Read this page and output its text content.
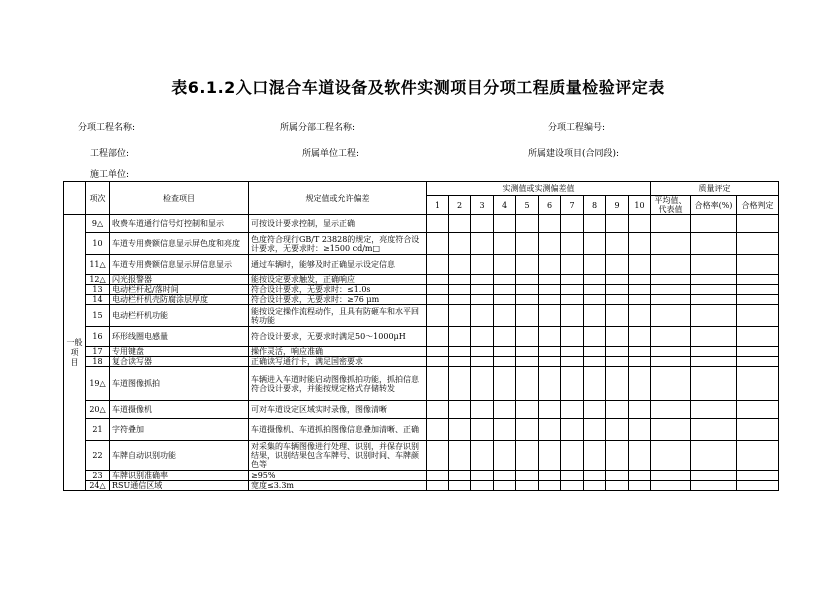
表6.1.2入口混合车道设备及软件实测项目分项工程质量检验评定表
分项工程名称:	所属分部工程名称:	分项工程编号:
工程部位:	所属单位工程:	所属建设项目(合同段):
施工单位:
	项次	检查项目	规定值或允许偏差	实测值或实测偏差值										质量评定		
				1	2	3	4	5	6	7	8	9	10	平均值、代表值	合格率(%)	合格判定

一般
项
目	9△	收费车道通行信号灯控制和显示	可按设计要求控制，显示正确													
	10	车道专用费额信息显示屏色度和亮度	色度符合现行GB/T 23828的规定，亮度符合设计要求，无要求时：≥1500 cd/m□													
	11△	车道专用费额信息显示屏信息显示	通过车辆时，能够及时正确显示设定信息													
	12△	闪光报警器	能按设定要求触发，正确响应													
	13	电动栏杆起/落时间	符合设计要求，无要求时：≤1.0s													
	14	电动栏杆机壳防腐涂层厚度	符合设计要求，无要求时：≥76 μm													
	15	电动栏杆机功能	能按设定操作流程动作，且具有防砸车和水平回转功能													
	16	环形线圈电感量	符合设计要求，无要求时满足50～1000μH													
	17	专用键盘	操作灵活，响应准确													
	18	复合读写器	正确读写通行卡，满足国密要求													
	19△	车道图像抓拍	车辆进入车道时能启动图像抓拍功能，抓拍信息符合设计要求，并能按规定格式存储转发													
	20△	车道摄像机	可对车道设定区域实时录像，图像清晰													
	21	字符叠加	车道摄像机、车道抓拍图像信息叠加清晰、正确													
	22	车牌自动识别功能	对采集的车辆图像进行处理、识别，并保存识别结果，识别结果包含车牌号、识别时间、车牌颜色等													
	23	车牌识别准确率	≥95%													
	24△	RSU通信区域	宽度≤3.3m													
